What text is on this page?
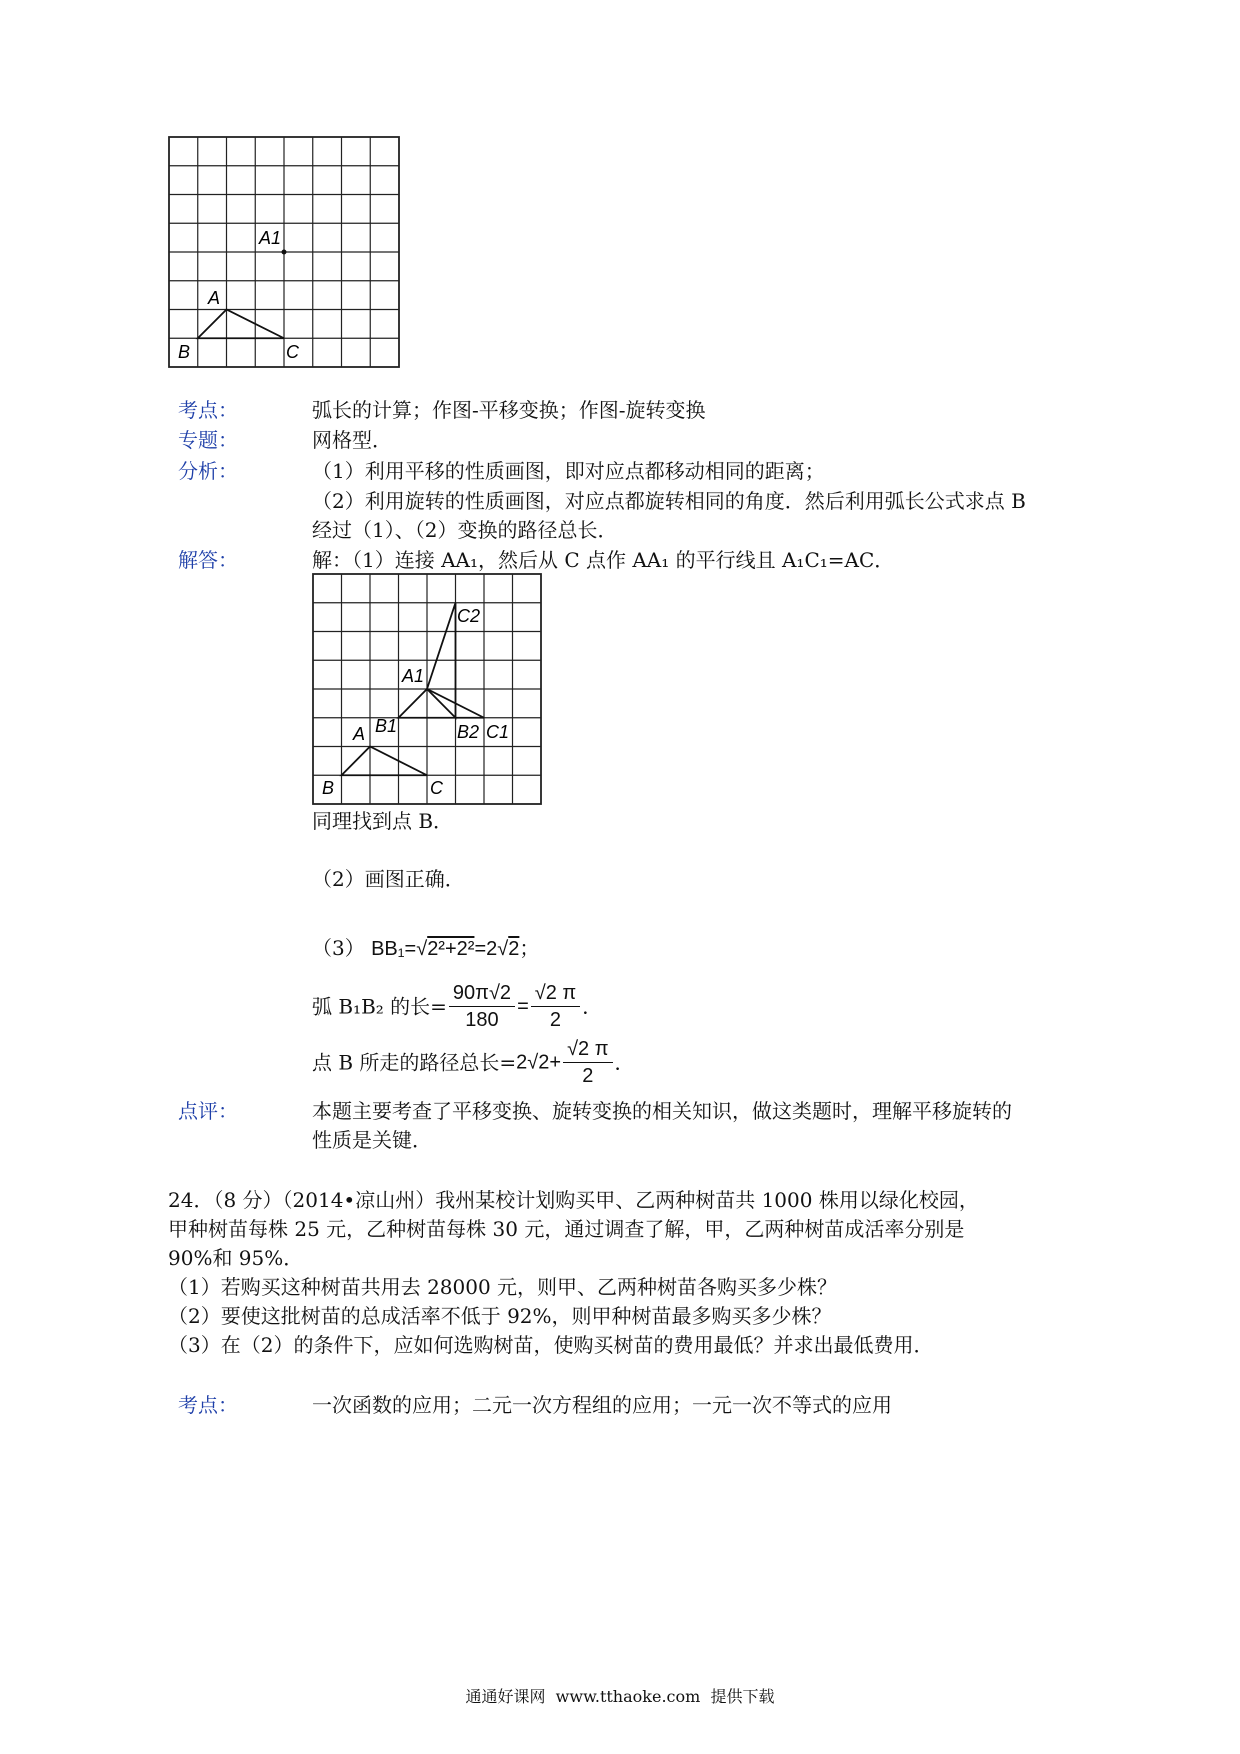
A1
A
B	C
考点：	弧长的计算；作图-平移变换；作图-旋转变换
专题：	网格型．
分析：	（1）利用平移的性质画图，即对应点都移动相同的距离；
（2）利用旋转的性质画图，对应点都旋转相同的角度．然后利用弧长公式求点 B
经过（1）、（2）变换的路径总长．
解答：	解：（1）连接 AA₁，然后从 C 点作 AA₁ 的平行线且 A₁C₁=AC．
C2
A1
A B1	B2 C1
B	C
同理找到点 B．
（2）画图正确．
（3） BB₁=√2²+2²=2√2；
弧 B₁B₂ 的长= $\frac{90\pi√2}{180} = \frac{√2 \pi}{2}$ ．
点 B 所走的路径总长$=2√2+ \frac{√2 \pi}{2}$ ．
点评：	本题主要考查了平移变换、旋转变换的相关知识，做这类题时，理解平移旋转的
性质是关键．
24．（8 分）（2014•凉山州）我州某校计划购买甲、乙两种树苗共 1000 株用以绿化校园，
甲种树苗每株 25 元，乙种树苗每株 30 元，通过调查了解，甲，乙两种树苗成活率分别是
90%和 95%．
（1）若购买这种树苗共用去 28000 元，则甲、乙两种树苗各购买多少株？
（2）要使这批树苗的总成活率不低于 92%，则甲种树苗最多购买多少株？
（3）在（2）的条件下，应如何选购树苗，使购买树苗的费用最低？并求出最低费用．
考点：	一次函数的应用；二元一次方程组的应用；一元一次不等式的应用
通通好课网  www.tthaoke.com  提供下载
